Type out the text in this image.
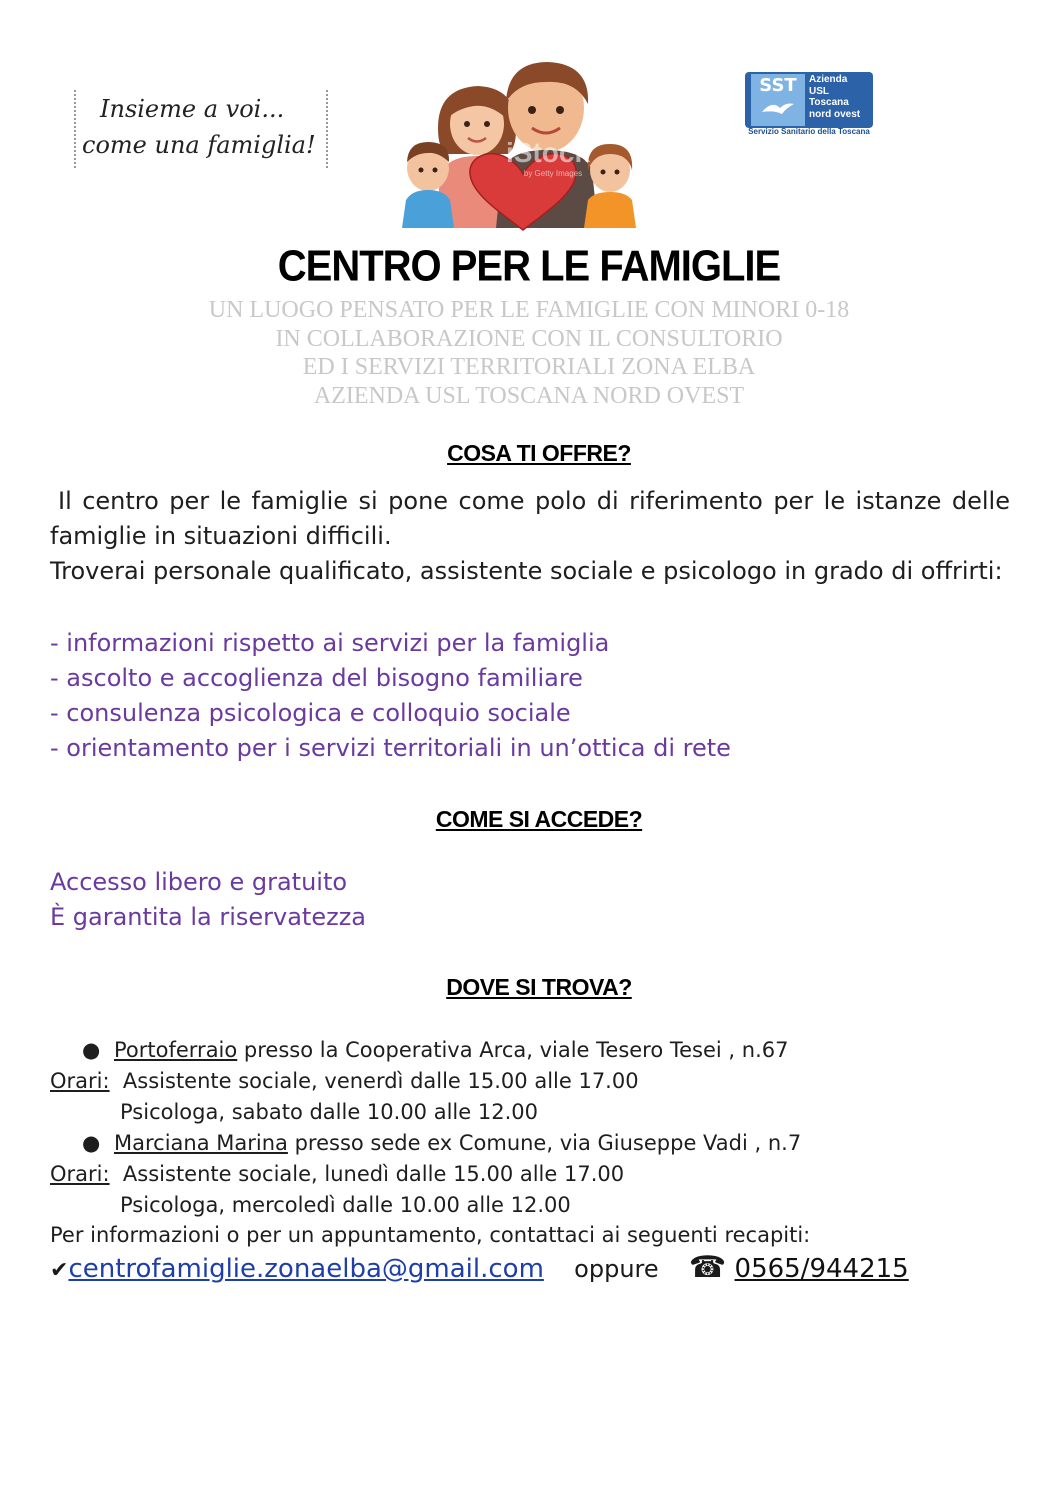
Insieme a voi...
come una famiglia!	iStock
by Getty Images
SST	Azienda
USL
Toscana
nord ovest
Servizio Sanitario della Toscana
CENTRO PER LE FAMIGLIE
UN LUOGO PENSATO PER LE FAMIGLIE CON MINORI 0-18
IN COLLABORAZIONE CON IL CONSULTORIO
ED I SERVIZI TERRITORIALI ZONA ELBA
AZIENDA USL TOSCANA NORD OVEST
COSA TI OFFRE?

Il centro per le famiglie si pone come polo di riferimento per le istanze delle famiglie in situazioni difficili.

Troverai personale qualificato, assistente sociale e psicologo in grado di offrirti:

- informazioni rispetto ai servizi per la famiglia
- ascolto e accoglienza del bisogno familiare
- consulenza psicologica e colloquio sociale
- orientamento per i servizi territoriali in un’ottica di rete
COME SI ACCEDE?
Accesso libero e gratuito
È garantita la riservatezza
DOVE SI TROVA?
● Portoferraio presso la Cooperativa Arca, viale Tesero Tesei , n.67
Orari:  Assistente sociale, venerdì dalle 15.00 alle 17.00
Psicologa, sabato dalle 10.00 alle 12.00
● Marciana Marina presso sede ex Comune, via Giuseppe Vadi , n.7
Orari:  Assistente sociale, lunedì dalle 15.00 alle 17.00
Psicologa, mercoledì dalle 10.00 alle 12.00
Per informazioni o per un appuntamento, contattaci ai seguenti recapiti:
✔centrofamiglie.zonaelba@gmail.com oppure ☎ 0565/944215
